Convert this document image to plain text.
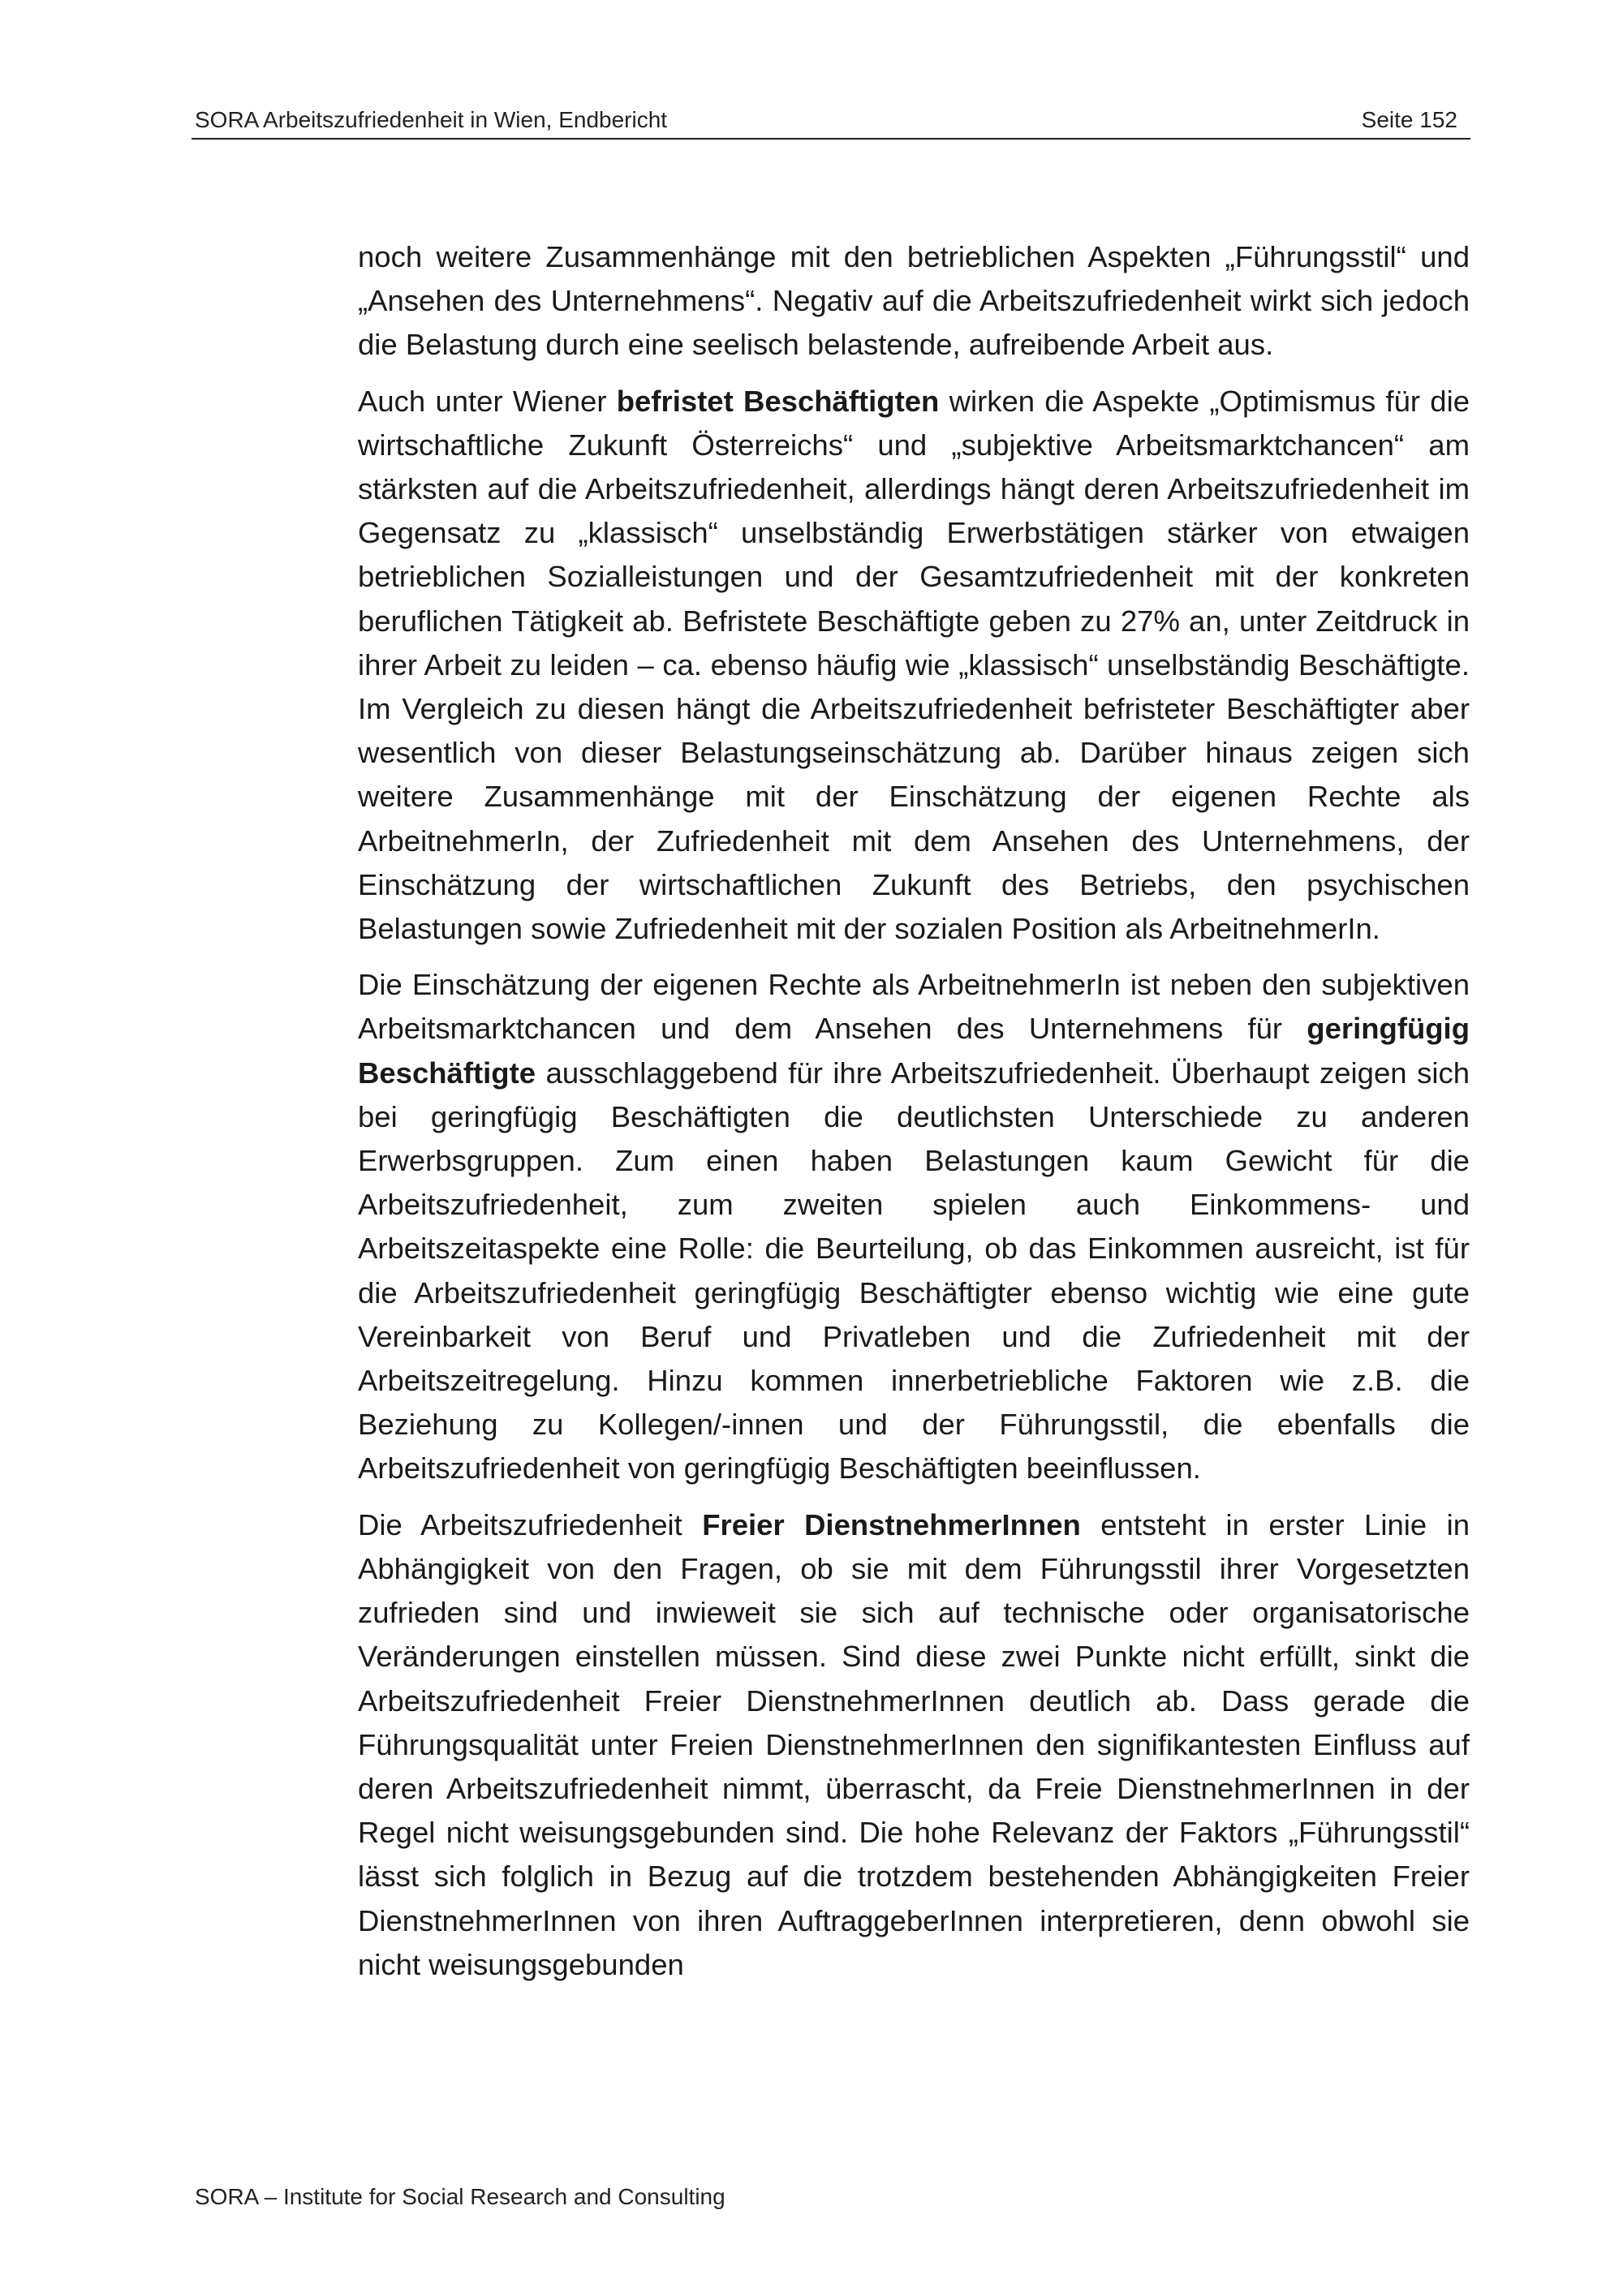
SORA Arbeitszufriedenheit in Wien, Endbericht	Seite 152

noch weitere Zusammenhänge mit den betrieblichen Aspekten „Führungsstil“ und „Ansehen des Unternehmens“. Negativ auf die Arbeitszufriedenheit wirkt sich jedoch die Belastung durch eine seelisch belastende, aufreibende Arbeit aus.

Auch unter Wiener befristet Beschäftigten wirken die Aspekte „Optimismus für die wirtschaftliche Zukunft Österreichs“ und „subjektive Arbeitsmarktchancen“ am stärksten auf die Arbeitszufriedenheit, allerdings hängt deren Arbeitszufriedenheit im Gegensatz zu „klassisch“ unselbständig Erwerbstätigen stärker von etwaigen betrieblichen Sozialleistungen und der Gesamtzufriedenheit mit der konkreten beruflichen Tätigkeit ab. Befristete Beschäftigte geben zu 27% an, unter Zeitdruck in ihrer Arbeit zu leiden – ca. ebenso häufig wie „klassisch“ unselbständig Beschäftigte. Im Vergleich zu diesen hängt die Arbeitszufriedenheit befristeter Beschäftigter aber wesentlich von dieser Belastungseinschätzung ab. Darüber hinaus zeigen sich weitere Zusammenhänge mit der Einschätzung der eigenen Rechte als ArbeitnehmerIn, der Zufriedenheit mit dem Ansehen des Unternehmens, der Einschätzung der wirtschaftlichen Zukunft des Betriebs, den psychischen Belastungen sowie Zufriedenheit mit der sozialen Position als ArbeitnehmerIn.

Die Einschätzung der eigenen Rechte als ArbeitnehmerIn ist neben den subjektiven Arbeitsmarktchancen und dem Ansehen des Unternehmens für geringfügig Beschäftigte ausschlaggebend für ihre Arbeitszufriedenheit. Überhaupt zeigen sich bei geringfügig Beschäftigten die deutlichsten Unterschiede zu anderen Erwerbsgruppen. Zum einen haben Belastungen kaum Gewicht für die Arbeitszufriedenheit, zum zweiten spielen auch Einkommens- und Arbeitszeitaspekte eine Rolle: die Beurteilung, ob das Einkommen ausreicht, ist für die Arbeitszufriedenheit geringfügig Beschäftigter ebenso wichtig wie eine gute Vereinbarkeit von Beruf und Privatleben und die Zufriedenheit mit der Arbeitszeitregelung. Hinzu kommen innerbetriebliche Faktoren wie z.B. die Beziehung zu Kollegen/-innen und der Führungsstil, die ebenfalls die Arbeitszufriedenheit von geringfügig Beschäftigten beeinflussen.

Die Arbeitszufriedenheit Freier DienstnehmerInnen entsteht in erster Linie in Abhängigkeit von den Fragen, ob sie mit dem Führungsstil ihrer Vorgesetzten zufrieden sind und inwieweit sie sich auf technische oder organisatorische Veränderungen einstellen müssen. Sind diese zwei Punkte nicht erfüllt, sinkt die Arbeitszufriedenheit Freier DienstnehmerInnen deutlich ab. Dass gerade die Führungsqualität unter Freien DienstnehmerInnen den signifikantesten Einfluss auf deren Arbeitszufriedenheit nimmt, überrascht, da Freie DienstnehmerInnen in der Regel nicht weisungsgebunden sind. Die hohe Relevanz der Faktors „Führungsstil“ lässt sich folglich in Bezug auf die trotzdem bestehenden Abhängigkeiten Freier DienstnehmerInnen von ihren AuftraggeberInnen interpretieren, denn obwohl sie nicht weisungsgebunden

SORA – Institute for Social Research and Consulting
